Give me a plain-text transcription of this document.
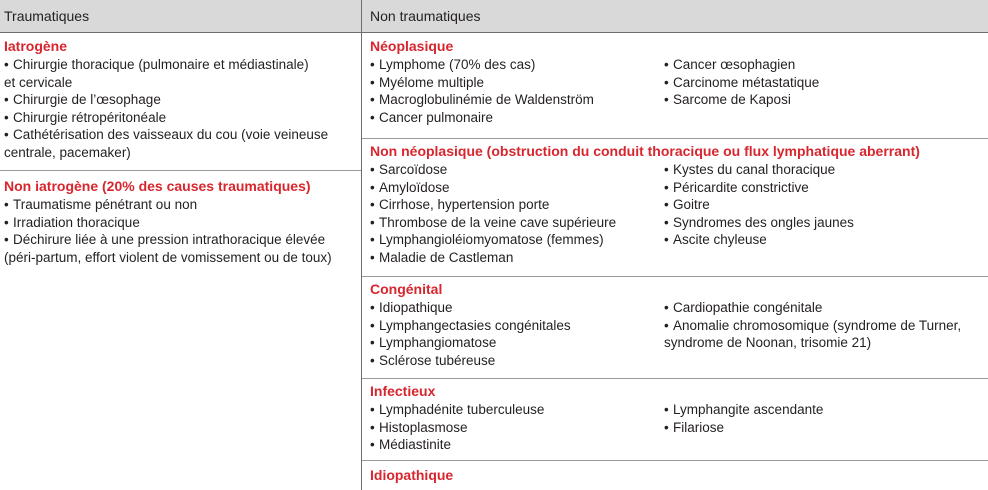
Traumatiques	Non traumatiques
Iatrogène
• Chirurgie thoracique (pulmonaire et médiastinale)
et cervicale
• Chirurgie de l’œsophage
• Chirurgie rétropéritonéale
• Cathétérisation des vaisseaux du cou (voie veineuse
centrale, pacemaker)
Non iatrogène (20% des causes traumatiques)
• Traumatisme pénétrant ou non
• Irradiation thoracique
• Déchirure liée à une pression intrathoracique élevée
(péri-partum, effort violent de vomissement ou de toux)
Néoplasique
• Lymphome (70% des cas)
• Myélome multiple
• Macroglobulinémie de Waldenström
• Cancer pulmonaire
• Cancer œsophagien
• Carcinome métastatique
• Sarcome de Kaposi
Non néoplasique (obstruction du conduit thoracique ou flux lymphatique aberrant)
• Sarcoïdose
• Amyloïdose
• Cirrhose, hypertension porte
• Thrombose de la veine cave supérieure
• Lymphangioléiomyomatose (femmes)
• Maladie de Castleman
• Kystes du canal thoracique
• Péricardite constrictive
• Goitre
• Syndromes des ongles jaunes
• Ascite chyleuse
Congénital
• Idiopathique
• Lymphangectasies congénitales
• Lymphangiomatose
• Sclérose tubéreuse
• Cardiopathie congénitale
• Anomalie chromosomique (syndrome de Turner,
syndrome de Noonan, trisomie 21)
Infectieux
• Lymphadénite tuberculeuse
• Histoplasmose
• Médiastinite
• Lymphangite ascendante
• Filariose
Idiopathique
